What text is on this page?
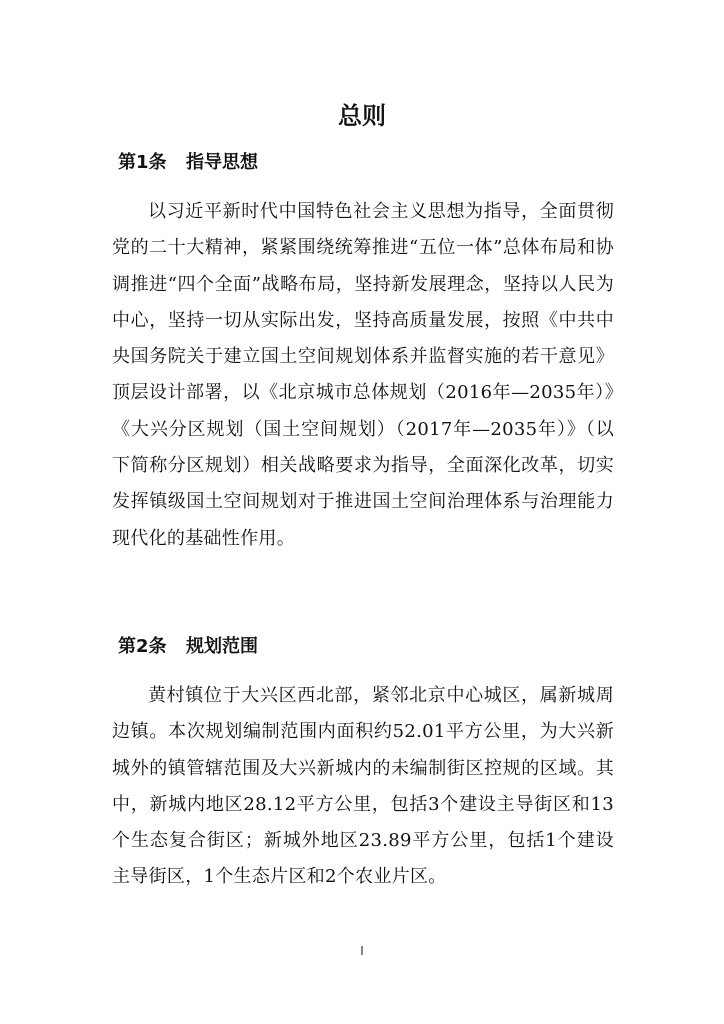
总则
第1条 指导思想

以习近平新时代中国特色社会主义思想为指导，全面贯彻党的二十大精神，紧紧围绕统筹推进“五位一体”总体布局和协调推进“四个全面”战略布局，坚持新发展理念，坚持以人民为中心，坚持一切从实际出发，坚持高质量发展，按照《中共中央国务院关于建立国土空间规划体系并监督实施的若干意见》顶层设计部署，以《北京城市总体规划（2016年—2035年）》《大兴分区规划（国土空间规划）（2017年—2035年）》（以下简称分区规划）相关战略要求为指导，全面深化改革，切实发挥镇级国土空间规划对于推进国土空间治理体系与治理能力现代化的基础性作用。

第2条 规划范围

黄村镇位于大兴区西北部，紧邻北京中心城区，属新城周边镇。本次规划编制范围内面积约52.01平方公里，为大兴新城外的镇管辖范围及大兴新城内的未编制街区控规的区域。其中，新城内地区28.12平方公里，包括3个建设主导街区和13个生态复合街区；新城外地区23.89平方公里，包括1个建设主导街区，1个生态片区和2个农业片区。

I
